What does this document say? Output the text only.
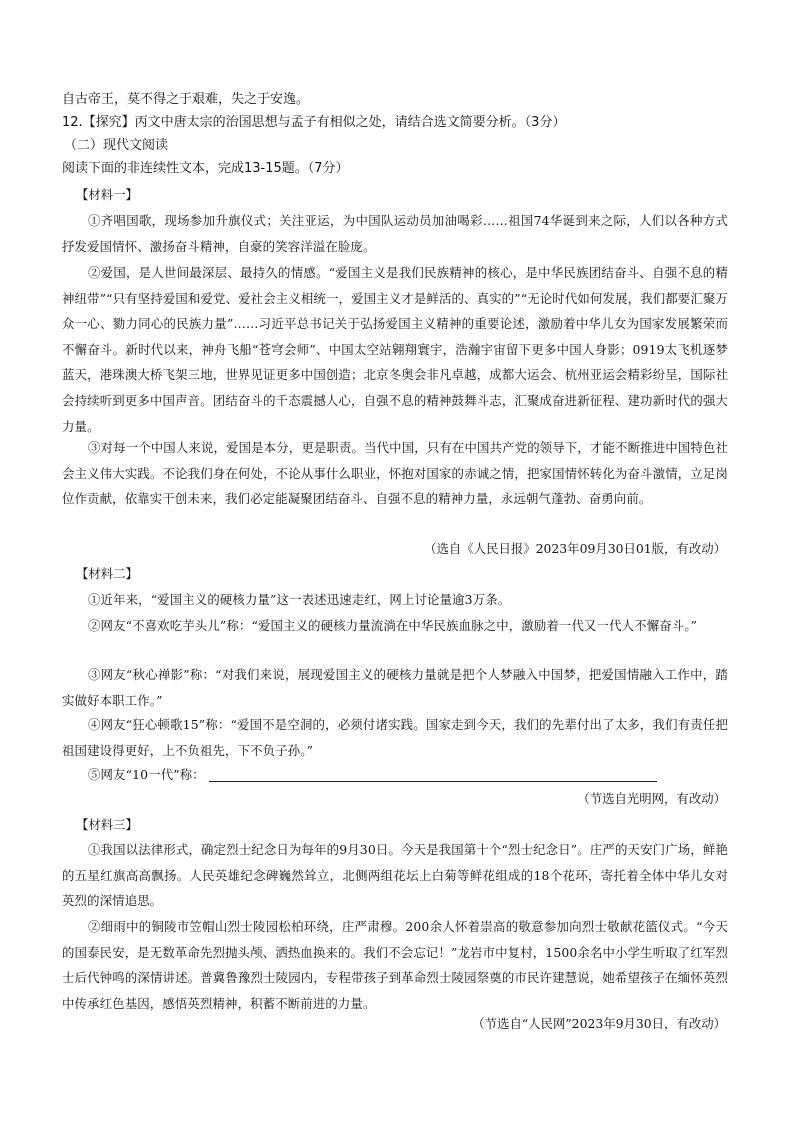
自古帝王，莫不得之于艰难，失之于安逸。
12.【探究】丙文中唐太宗的治国思想与孟子有相似之处，请结合选文简要分析。（3分）
（二）现代文阅读
阅读下面的非连续性文本，完成13-15题。（7分）
【材料一】
①齐唱国歌，现场参加升旗仪式；关注亚运，为中国队运动员加油喝彩……祖国74华诞到来之际，人们以各种方式抒发爱国情怀、激扬奋斗精神，自豪的笑容洋溢在脸庞。
②爱国，是人世间最深层、最持久的情感。“爱国主义是我们民族精神的核心，是中华民族团结奋斗、自强不息的精神纽带”“只有坚持爱国和爱党、爱社会主义相统一，爱国主义才是鲜活的、真实的”“无论时代如何发展，我们都要汇聚万众一心、勠力同心的民族力量”……习近平总书记关于弘扬爱国主义精神的重要论述，激励着中华儿女为国家发展繁荣而不懈奋斗。新时代以来，神舟飞船“苍穹会师”、中国太空站翱翔寰宇，浩瀚宇宙留下更多中国人身影；0919太飞机逐梦蓝天，港珠澳大桥飞架三地，世界见证更多中国创造；北京冬奥会非凡卓越，成都大运会、杭州亚运会精彩纷呈，国际社会持续听到更多中国声音。团结奋斗的千态震撼人心，自强不息的精神鼓舞斗志，汇聚成奋进新征程、建功新时代的强大力量。
③对每一个中国人来说，爱国是本分，更是职责。当代中国，只有在中国共产党的领导下，才能不断推进中国特色社会主义伟大实践。不论我们身在何处，不论从事什么职业，怀抱对国家的赤诚之情，把家国情怀转化为奋斗激情，立足岗位作贡献，依靠实干创未来，我们必定能凝聚团结奋斗、自强不息的精神力量，永远朝气蓬勃、奋勇向前。
（选自《人民日报》2023年09月30日01版，有改动）
【材料二】
①近年来，“爱国主义的硬核力量”这一表述迅速走红，网上讨论量逾3万条。
②网友“不喜欢吃芋头儿”称：“爱国主义的硬核力量流淌在中华民族血脉之中，激励着一代又一代人不懈奋斗。”
③网友“秋心禅影”称：“对我们来说，展现爱国主义的硬核力量就是把个人梦融入中国梦，把爱国情融入工作中，踏实做好本职工作。”
④网友“狂心顿歌15”称：“爱国不是空洞的，必须付诸实践。国家走到今天，我们的先辈付出了太多，我们有责任把祖国建设得更好，上不负祖先，下不负子孙。”
⑤网友“10一代”称：
（节选自光明网，有改动）
【材料三】
①我国以法律形式，确定烈士纪念日为每年的9月30日。今天是我国第十个“烈士纪念日”。庄严的天安门广场，鲜艳的五星红旗高高飘扬。人民英雄纪念碑巍然耸立，北侧两组花坛上白菊等鲜花组成的18个花环，寄托着全体中华儿女对英烈的深情追思。
②细雨中的铜陵市笠帽山烈士陵园松柏环绕，庄严肃穆。200余人怀着崇高的敬意参加向烈士敬献花篮仪式。“今天的国泰民安，是无数革命先烈抛头颅、洒热血换来的。我们不会忘记！”龙岩市中复村，1500余名中小学生听取了红军烈士后代钟鸣的深情讲述。普冀鲁豫烈士陵园内，专程带孩子到革命烈士陵园祭奠的市民许建慧说，她希望孩子在缅怀英烈中传承红色基因，感悟英烈精神，积蓄不断前进的力量。
（节选自“人民网”2023年9月30日，有改动）
